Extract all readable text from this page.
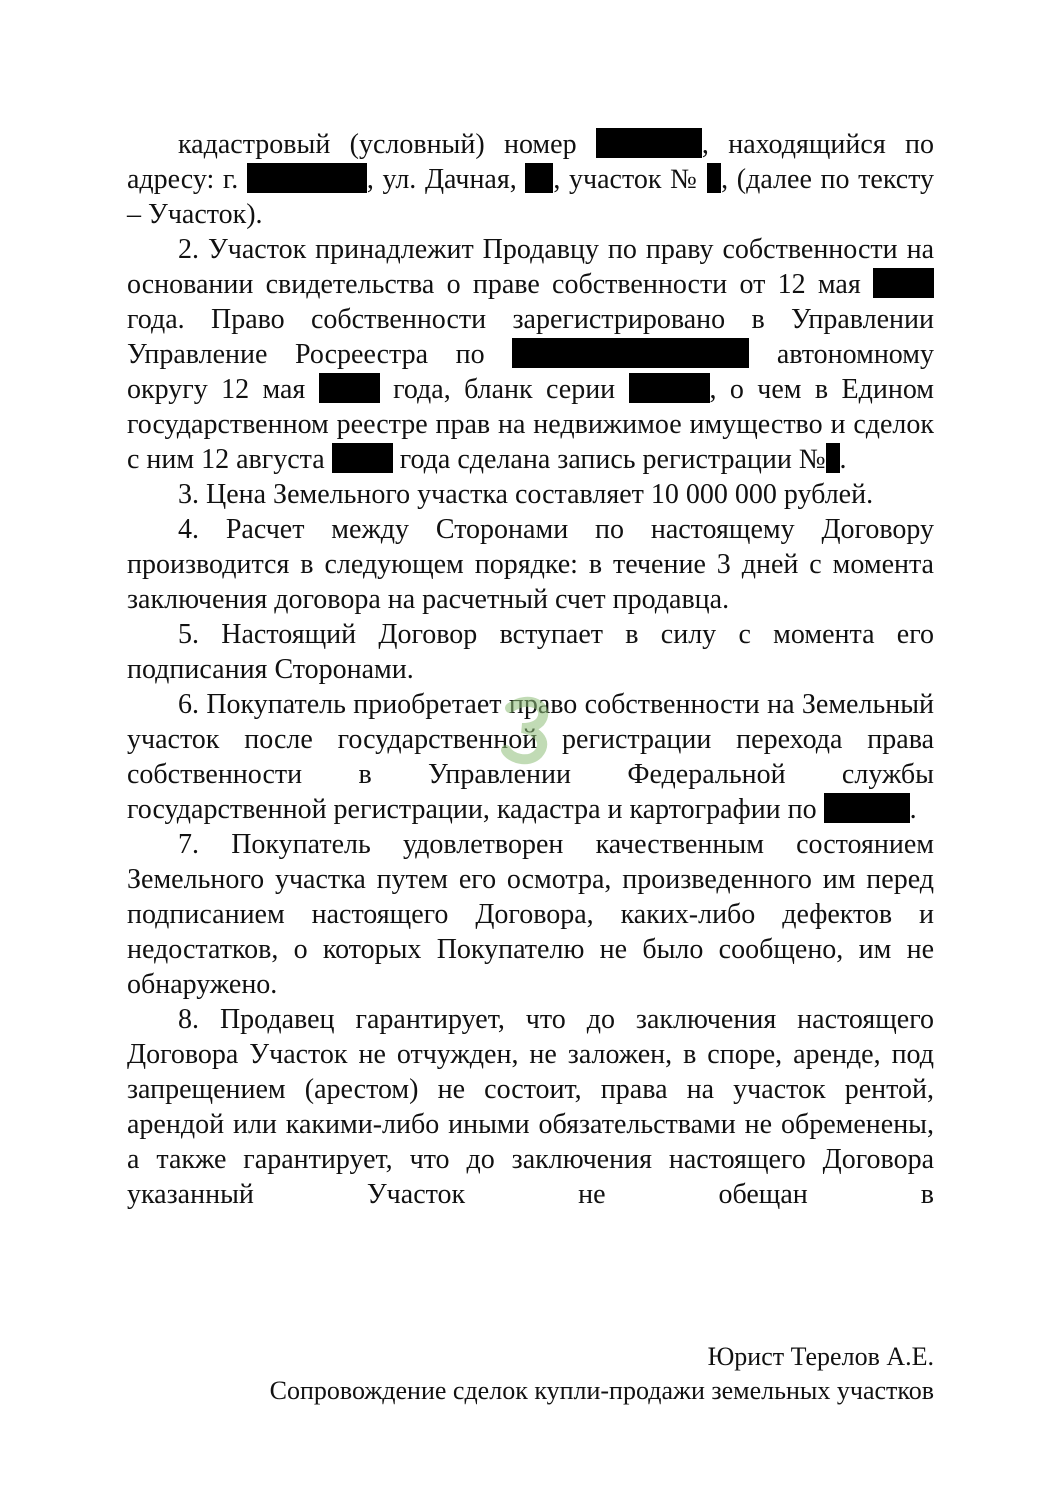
кадастровый (условный) номер	, находящийся по адресу: г.	, ул. Дачная, , участок № , (далее по тексту – Участок).

2. Участок принадлежит Продавцу по праву собственности на основании свидетельства о праве собственности от 12 мая  года. Право собственности зарегистрировано в Управлении Управление Росреестра по	автономному округу 12 мая	года, бланк серии	, о чем в Едином государственном реестре прав на недвижимое имущество и сделок с ним 12 августа	года сделана запись регистрации № .

3. Цена Земельного участка составляет 10 000 000 рублей.

4. Расчет между Сторонами по настоящему Договору производится в следующем порядке: в течение 3 дней с момента заключения договора на расчетный счет продавца.

5. Настоящий Договор вступает в силу с момента его подписания Сторонами.

6. Покупатель приобретает право собственности на Земельный участок после государственной регистрации перехода права собственности в Управлении Федеральной службы государственной регистрации, кадастра и картографии по	.

7. Покупатель удовлетворен качественным состоянием Земельного участка путем его осмотра, произведенного им перед подписанием настоящего Договора, каких-либо дефектов и недостатков, о которых Покупателю не было сообщено, им не обнаружено.

8. Продавец гарантирует, что до заключения настоящего Договора Участок не отчужден, не заложен, в споре, аренде, под запрещением (арестом) не состоит, права на участок рентой, арендой или какими-либо иными обязательствами не обременены, а также гарантирует, что до заключения настоящего Договора указанный Участок не обещан в

Юрист Терелов А.Е.
Сопровождение сделок купли-продажи земельных участков
